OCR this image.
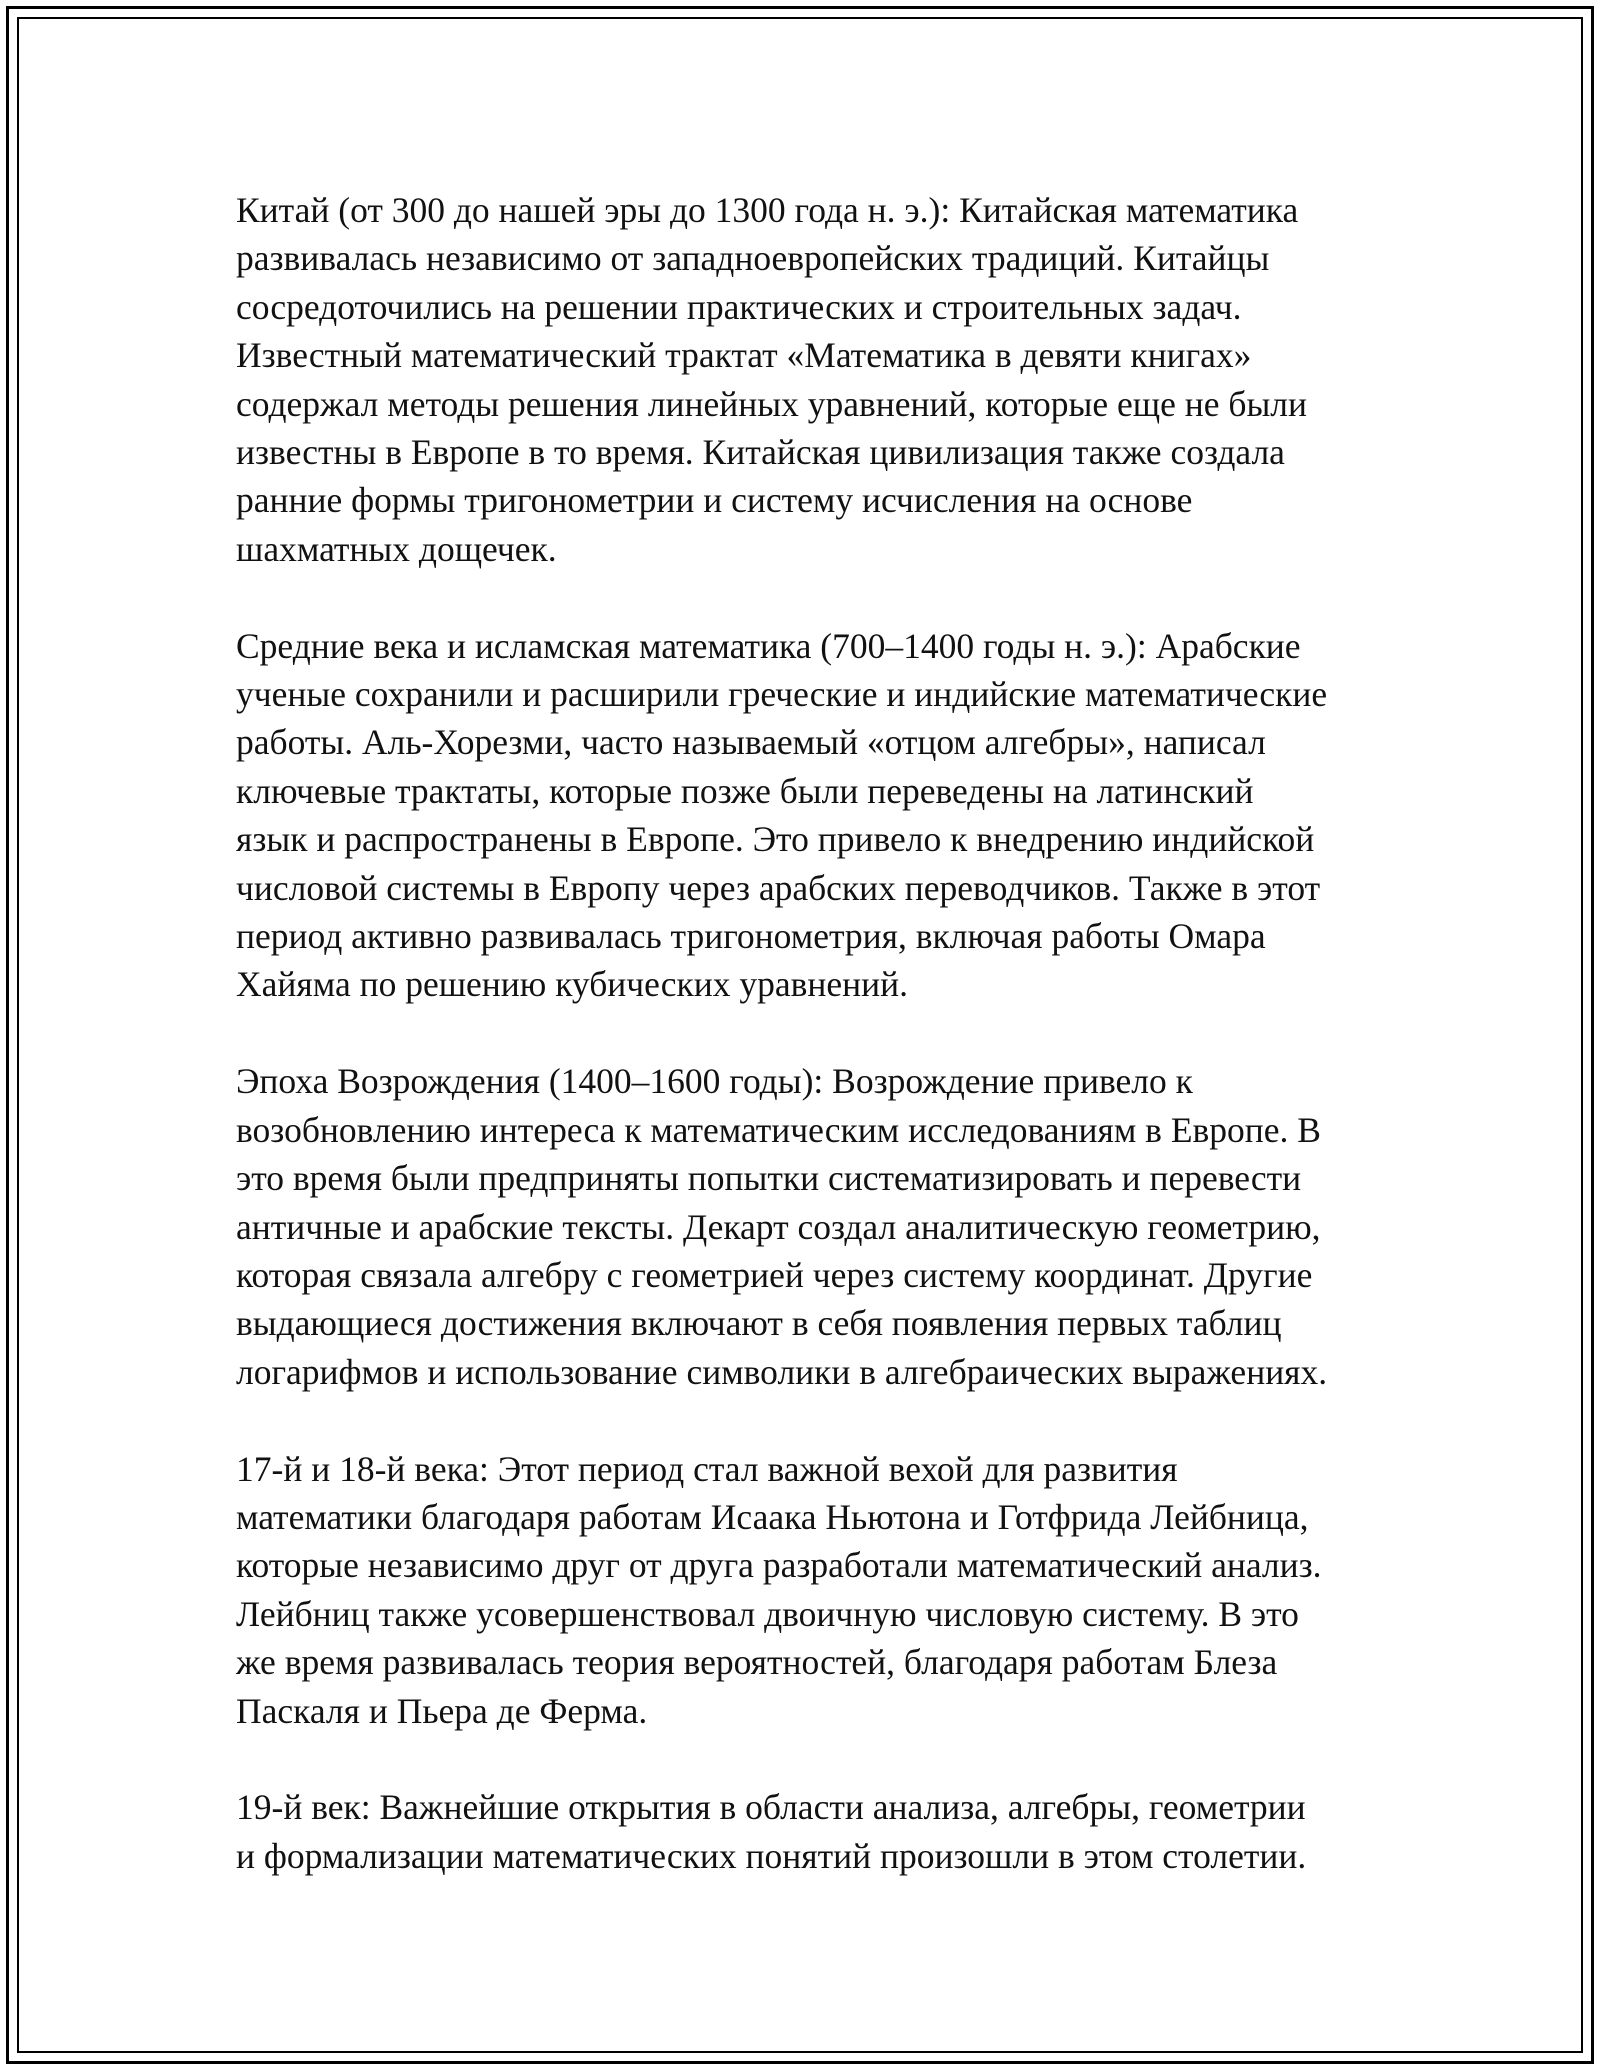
Китай (от 300 до нашей эры до 1300 года н. э.): Китайская математика
развивалась независимо от западноевропейских традиций. Китайцы
сосредоточились на решении практических и строительных задач.
Известный математический трактат «Математика в девяти книгах»
содержал методы решения линейных уравнений, которые еще не были
известны в Европе в то время. Китайская цивилизация также создала
ранние формы тригонометрии и систему исчисления на основе
шахматных дощечек.

Средние века и исламская математика (700–1400 годы н. э.): Арабские
ученые сохранили и расширили греческие и индийские математические
работы. Аль-Хорезми, часто называемый «отцом алгебры», написал
ключевые трактаты, которые позже были переведены на латинский
язык и распространены в Европе. Это привело к внедрению индийской
числовой системы в Европу через арабских переводчиков. Также в этот
период активно развивалась тригонометрия, включая работы Омара
Хайяма по решению кубических уравнений.

Эпоха Возрождения (1400–1600 годы): Возрождение привело к
возобновлению интереса к математическим исследованиям в Европе. В
это время были предприняты попытки систематизировать и перевести
античные и арабские тексты. Декарт создал аналитическую геометрию,
которая связала алгебру с геометрией через систему координат. Другие
выдающиеся достижения включают в себя появления первых таблиц
логарифмов и использование символики в алгебраических выражениях.

17-й и 18-й века: Этот период стал важной вехой для развития
математики благодаря работам Исаака Ньютона и Готфрида Лейбница,
которые независимо друг от друга разработали математический анализ.
Лейбниц также усовершенствовал двоичную числовую систему. В это
же время развивалась теория вероятностей, благодаря работам Блеза
Паскаля и Пьера де Ферма.

19-й век: Важнейшие открытия в области анализа, алгебры, геометрии
и формализации математических понятий произошли в этом столетии.
